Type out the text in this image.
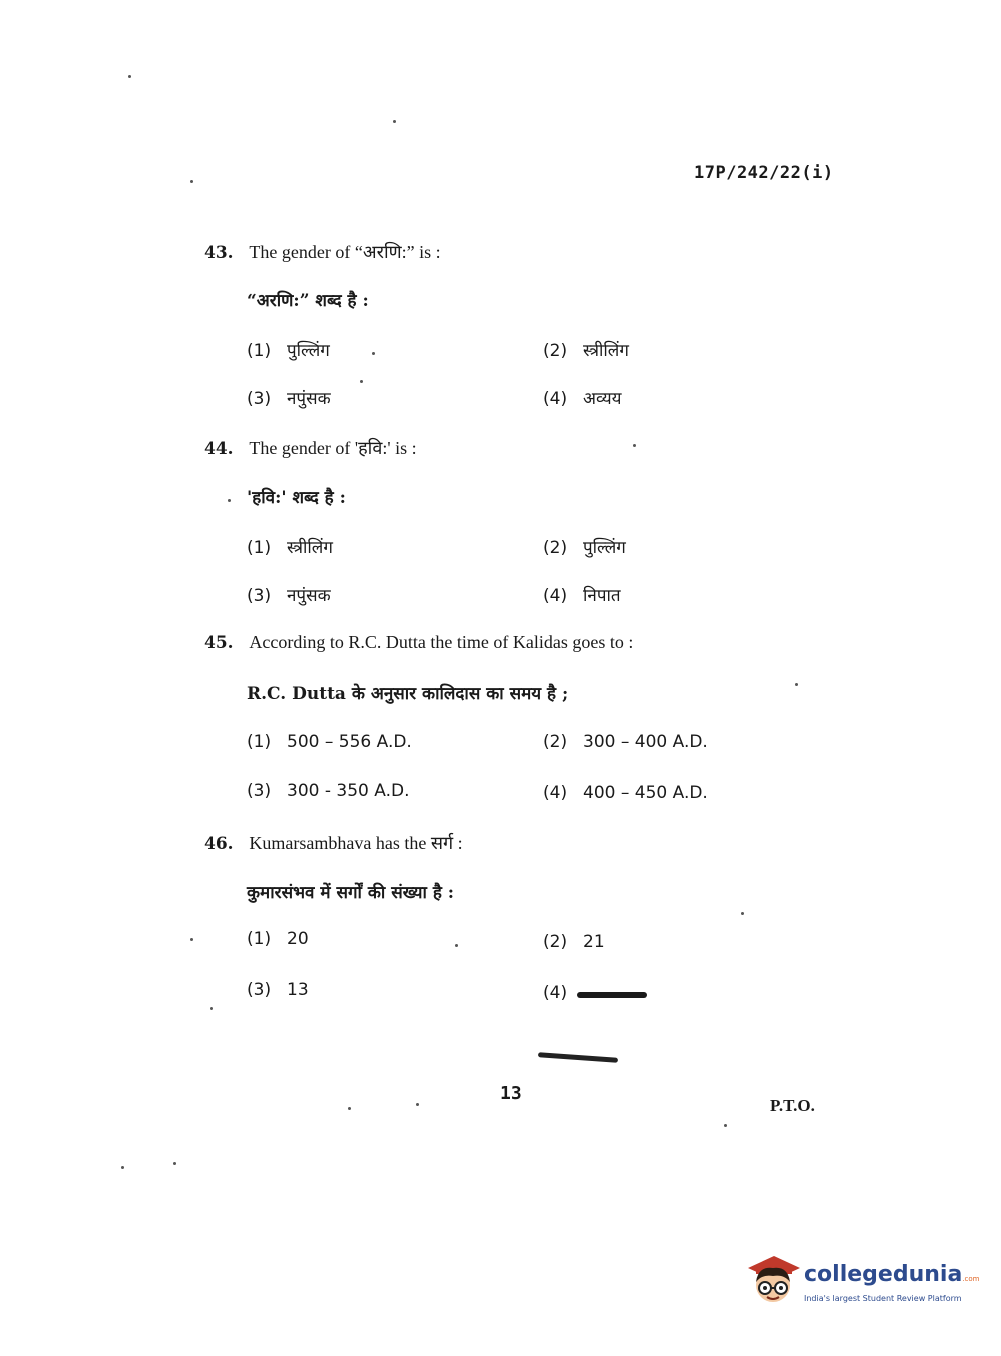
17P/242/22(i)
43. The gender of “अरणि:” is :
“अरणि:” शब्द है :
(1) पुल्लिंग	(2) स्त्रीलिंग
(3) नपुंसक	(4) अव्यय
44. The gender of 'हवि:' is :
'हवि:' शब्द है :
(1) स्त्रीलिंग	(2) पुल्लिंग
(3) नपुंसक	(4) निपात
45. According to R.C. Dutta the time of Kalidas goes to :
R.C. Dutta के अनुसार कालिदास का समय है ;
(1) 500 – 556 A.D.	(2) 300 – 400 A.D.
(3) 300 - 350 A.D.	(4) 400 – 450 A.D.
46. Kumarsambhava has the सर्ग :
कुमारसंभव में सर्गों की संख्या है :
(1) 20	(2) 21
(3) 13	(4)
13
P.T.O.
collegedunia.com
India's largest Student Review Platform
